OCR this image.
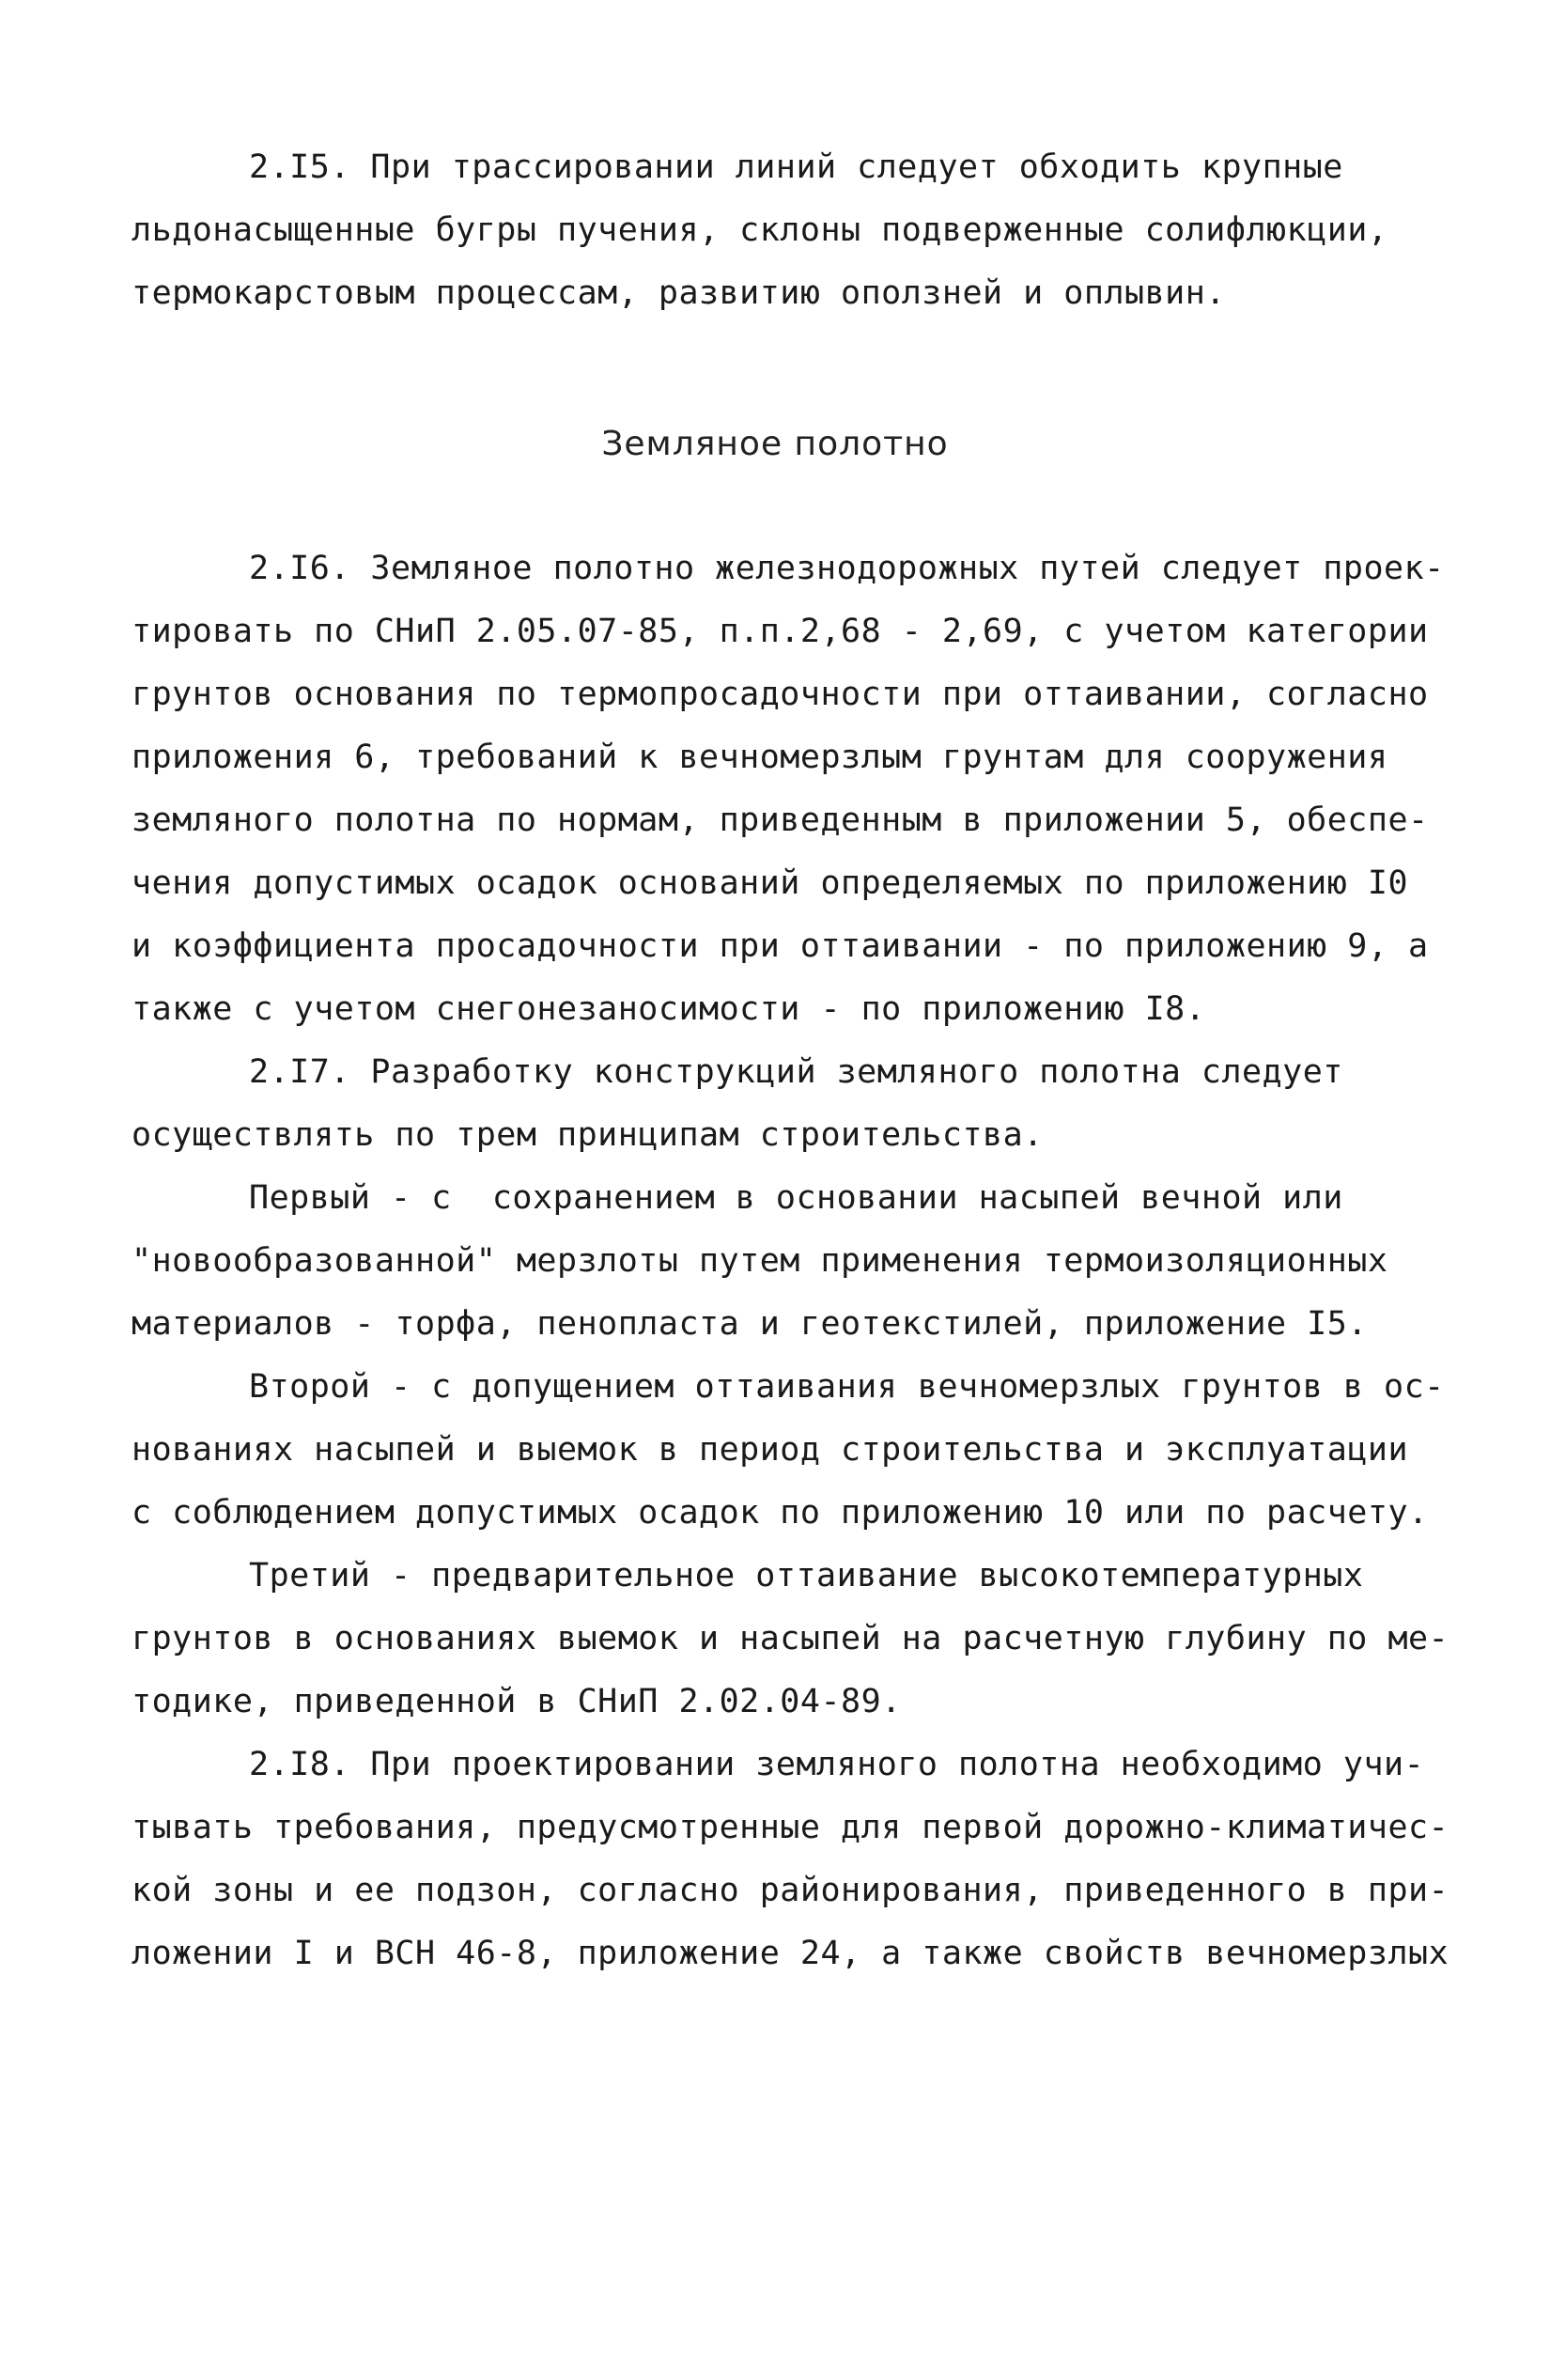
2.I5. При трассировании линий следует обходить крупные
льдонасыщенные бугры пучения, склоны подверженные солифлюкции,
термокарстовым процессам, развитию оползней и оплывин.
Земляное полотно
2.I6. Земляное полотно железнодорожных путей следует проек-
тировать по СНиП 2.05.07-85, п.п.2,68 - 2,69, с учетом категории
грунтов основания по термопросадочности при оттаивании, согласно
приложения 6, требований к вечномерзлым грунтам для сооружения
земляного полотна по нормам, приведенным в приложении 5, обеспе-
чения допустимых осадок оснований определяемых по приложению I0
и коэффициента просадочности при оттаивании - по приложению 9, а
также с учетом снегонезаносимости - по приложению I8.
2.I7. Разработку конструкций земляного полотна следует
осуществлять по трем принципам строительства.
Первый - с  сохранением в основании насыпей вечной или
"новообразованной" мерзлоты путем применения термоизоляционных
материалов - торфа, пенопласта и геотекстилей, приложение I5.
Второй - с допущением оттаивания вечномерзлых грунтов в ос-
нованиях насыпей и выемок в период строительства и эксплуатации
с соблюдением допустимых осадок по приложению 10 или по расчету.
Третий - предварительное оттаивание высокотемпературных
грунтов в основаниях выемок и насыпей на расчетную глубину по ме-
тодике, приведенной в СНиП 2.02.04-89.
2.I8. При проектировании земляного полотна необходимо учи-
тывать требования, предусмотренные для первой дорожно-климатичес-
кой зоны и ее подзон, согласно районирования, приведенного в при-
ложении I и ВСН 46-8, приложение 24, а также свойств вечномерзлых
